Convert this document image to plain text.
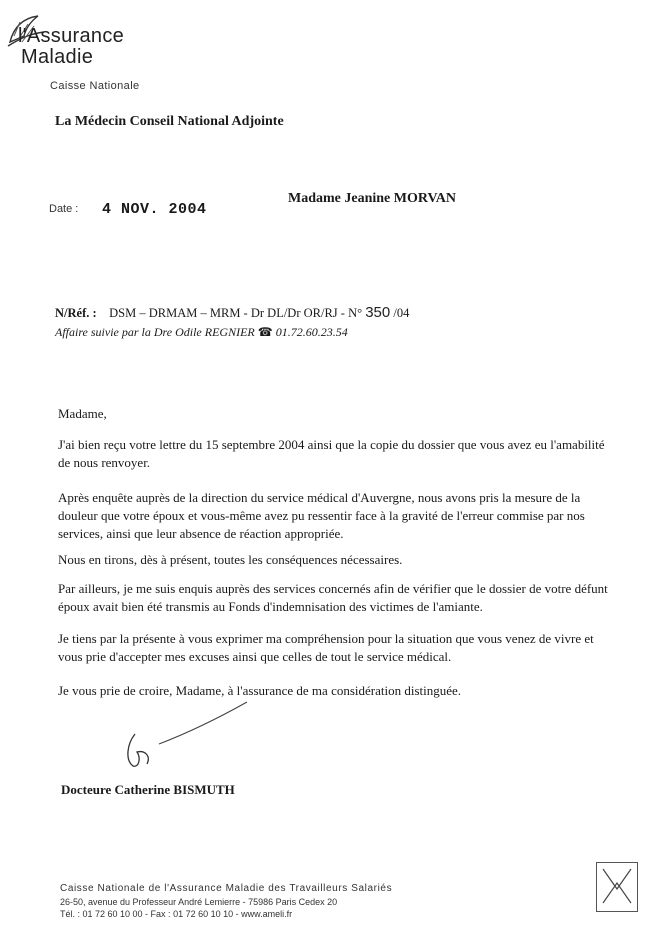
l'Assurance
Maladie
Caisse Nationale
La Médecin Conseil National Adjointe
Date : 4 NOV. 2004
Madame Jeanine MORVAN
N/Réf. : DSM – DRMAM – MRM - Dr DL/Dr OR/RJ - N° 350 /04
Affaire suivie par la Dre Odile REGNIER ☎ 01.72.60.23.54
Madame,
J'ai bien reçu votre lettre du 15 septembre 2004 ainsi que la copie du dossier que vous avez eu l'amabilité de nous renvoyer.
Après enquête auprès de la direction du service médical d'Auvergne, nous avons pris la mesure de la douleur que votre époux et vous-même avez pu ressentir face à la gravité de l'erreur commise par nos services, ainsi que leur absence de réaction appropriée.
Nous en tirons, dès à présent, toutes les conséquences nécessaires.
Par ailleurs, je me suis enquis auprès des services concernés afin de vérifier que le dossier de votre défunt époux avait bien été transmis au Fonds d'indemnisation des victimes de l'amiante.
Je tiens par la présente à vous exprimer ma compréhension pour la situation que vous venez de vivre et vous prie d'accepter mes excuses ainsi que celles de tout le service médical.
Je vous prie de croire, Madame, à l'assurance de ma considération distinguée.
Docteure Catherine BISMUTH
Caisse Nationale de l'Assurance Maladie des Travailleurs Salariés
26-50, avenue du Professeur André Lemierre - 75986 Paris Cedex 20
Tél. : 01 72 60 10 00 - Fax : 01 72 60 10 10 - www.ameli.fr
